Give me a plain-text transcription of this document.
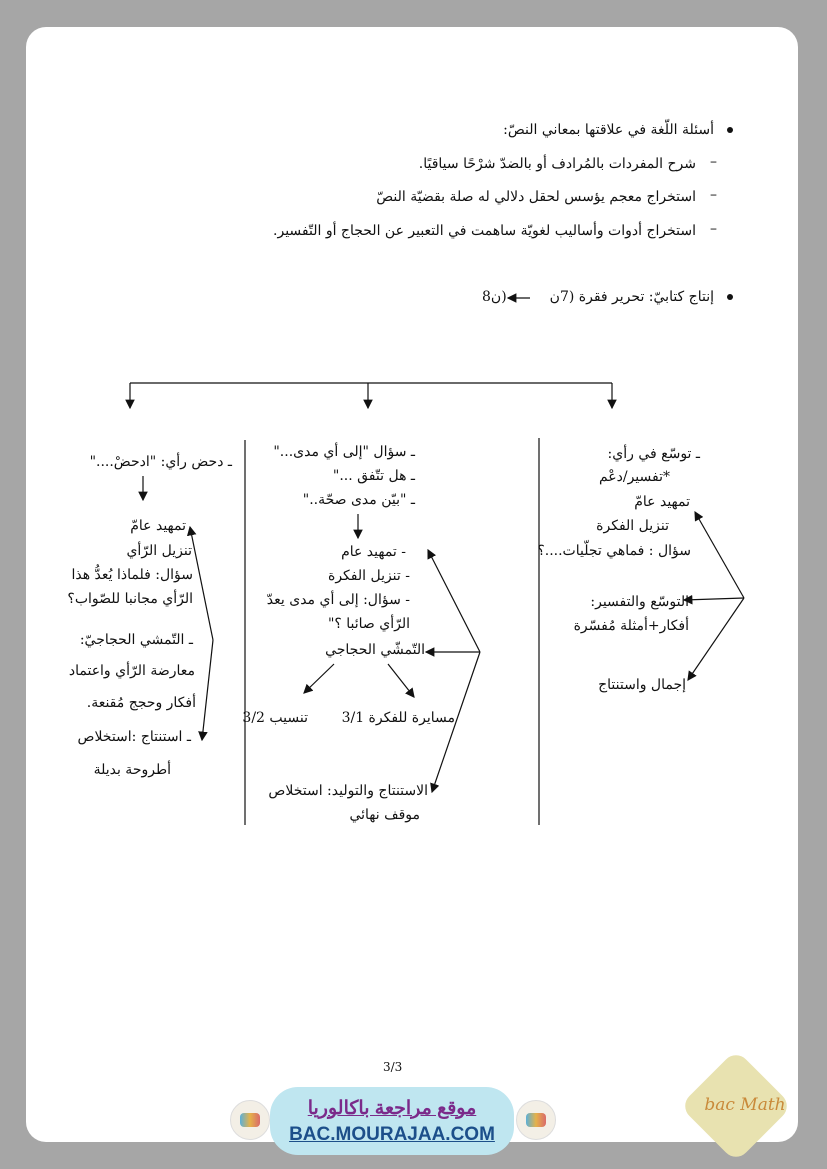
أسئلة اللّغة في علاقتها بمعاني النصّ:
–
شرح المفردات بالمُرادف أو بالضدّ شرْحًا سياقيًا.
–
استخراج معجم يؤسس لحقل دلالي له صلة بقضيّة النصّ
–
استخراج أدوات وأساليب لغويّة ساهمت في التعبير عن الحجاج أو التّفسير.
إنتاج كتابيّ: تحرير فقرة (7ن
8ن)
ـ توسّع في رأي:
*تفسير/دعْم
تمهيد عامّ
تنزيل الفكرة
سؤال : فماهي تجلّيات....؟
التوسّع والتفسير:
أفكار+أمثلة مُفسّرة
إجمال واستنتاج
ـ سؤال "إلى أي مدى..."
ـ هل تتّفق ..."
ـ "بيّن مدى صحّة.."
- تمهيد عام
- تنزيل الفكرة
- سؤال: إلى أي مدى يعدّ
الرّأي صائبا ؟"
التّمشّي الحجاجي
تنسيب 3/2 مسايرة للفكرة 3/1
الاستنتاج والتوليد: استخلاص
موقف نهائي
ـ دحض رأي: "ادحضْ...."
تمهيد عامّ
تنزيل الرّأي
سؤال: فلماذا يُعدُّ هذا
الرّأي مجانبا للصّواب؟
ـ التّمشي الحجاجيّ:
معارضة الرّأي واعتماد
أفكار وحجج مُقنعة.
ـ استنتاج :استخلاص
أطروحة بديلة
3/3
موقع مراجعة باكالوريا
BAC.MOURAJAA.COM
bac Math
